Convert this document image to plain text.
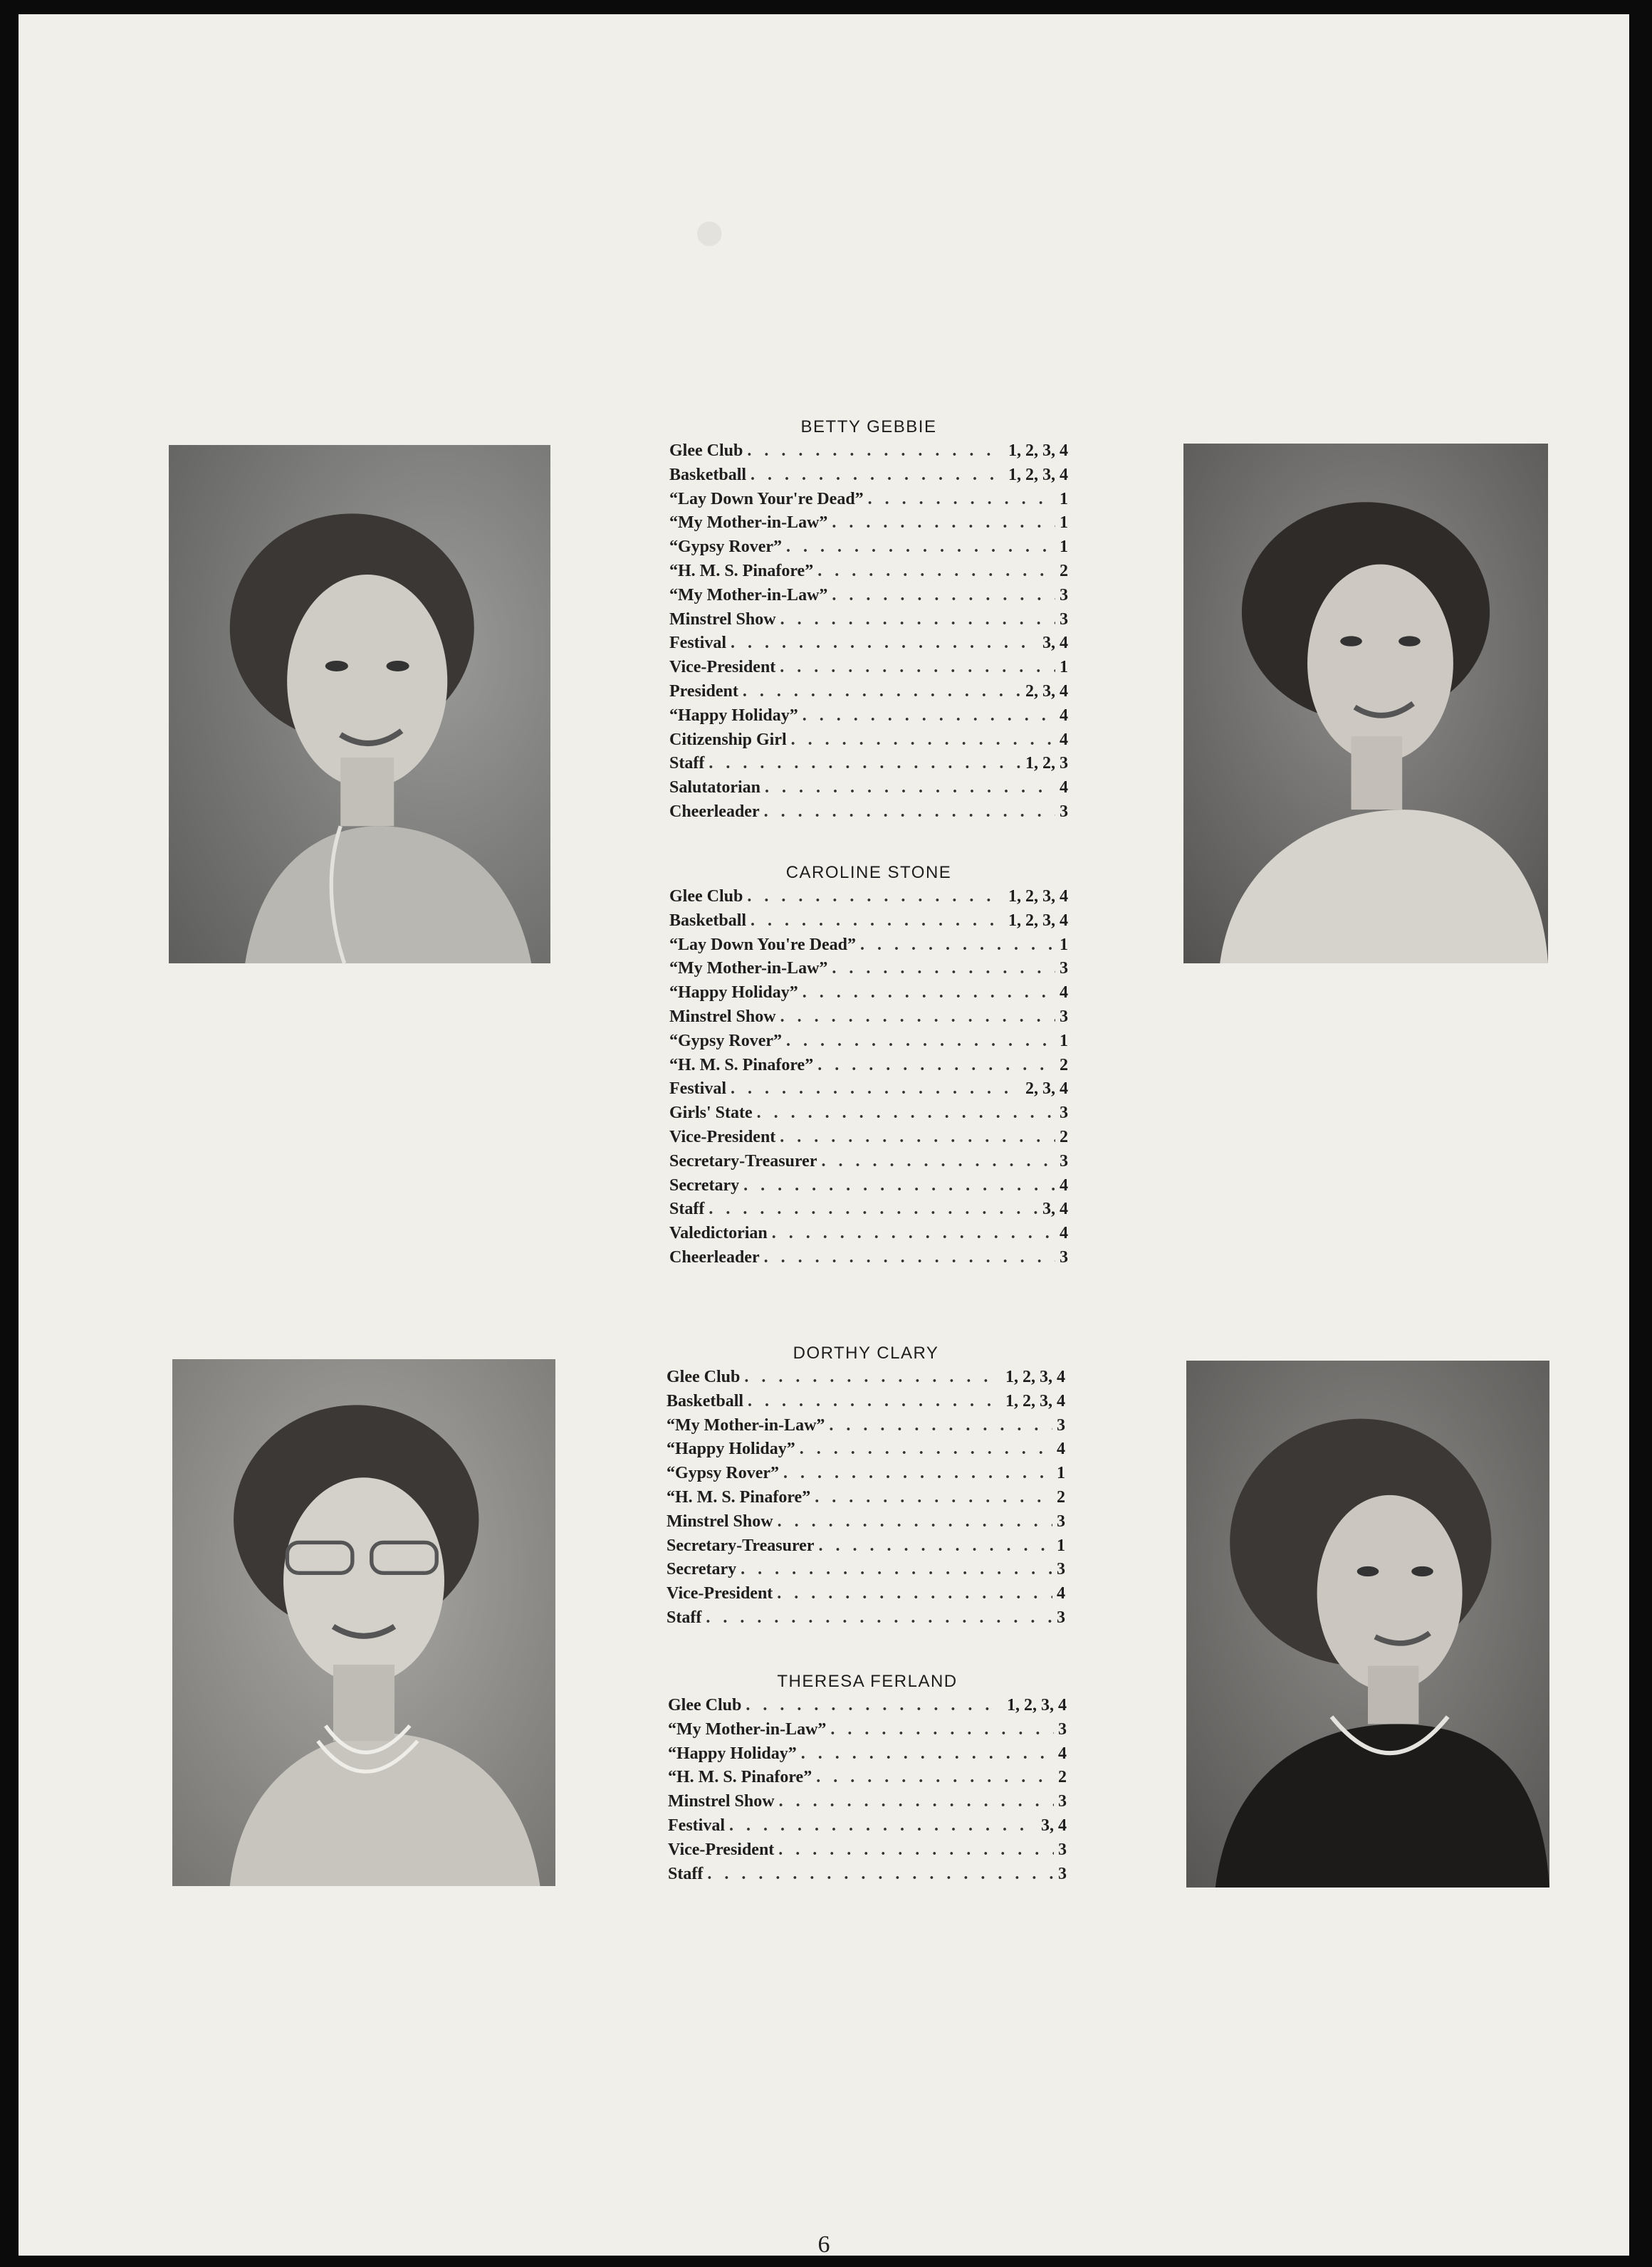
●
BETTY GEBBIE
Glee Club . . .	1, 2, 3, 4
Basketball . . .	1, 2, 3, 4
“Lay Down Your're Dead” . . .	1
“My Mother-in-Law” . . .	1
“Gypsy Rover” . . .	1
“H. M. S. Pinafore” . . .	2
“My Mother-in-Law” . . .	3
Minstrel Show . . .	3
Festival . . .	3, 4
Vice-President . . .	1
President . . .	2, 3, 4
“Happy Holiday” . . .	4
Citizenship Girl . . .	4
Staff . . .	1, 2, 3
Salutatorian . . .	4
Cheerleader . . .	3
CAROLINE STONE
Glee Club . . .	1, 2, 3, 4
Basketball . . .	1, 2, 3, 4
“Lay Down You're Dead” . . .	1
“My Mother-in-Law” . . .	3
“Happy Holiday” . . .	4
Minstrel Show . . .	3
“Gypsy Rover” . . .	1
“H. M. S. Pinafore” . . .	2
Festival . . .	2, 3, 4
Girls' State . . .	3
Vice-President . . .	2
Secretary-Treasurer . . .	3
Secretary . . .	4
Staff . . .	3, 4
Valedictorian . . .	4
Cheerleader . . .	3
DORTHY CLARY
Glee Club . . .	1, 2, 3, 4
Basketball . . .	1, 2, 3, 4
“My Mother-in-Law” . . .	3
“Happy Holiday” . . .	4
“Gypsy Rover” . . .	1
“H. M. S. Pinafore” . . .	2
Minstrel Show . . .	3
Secretary-Treasurer . . .	1
Secretary . . .	3
Vice-President . . .	4
Staff . . .	3
THERESA FERLAND
Glee Club . . .	1, 2, 3, 4
“My Mother-in-Law” . . .	3
“Happy Holiday” . . .	4
“H. M. S. Pinafore” . . .	2
Minstrel Show . . .	3
Festival . . .	3, 4
Vice-President . . .	3
Staff . . .	3
6
